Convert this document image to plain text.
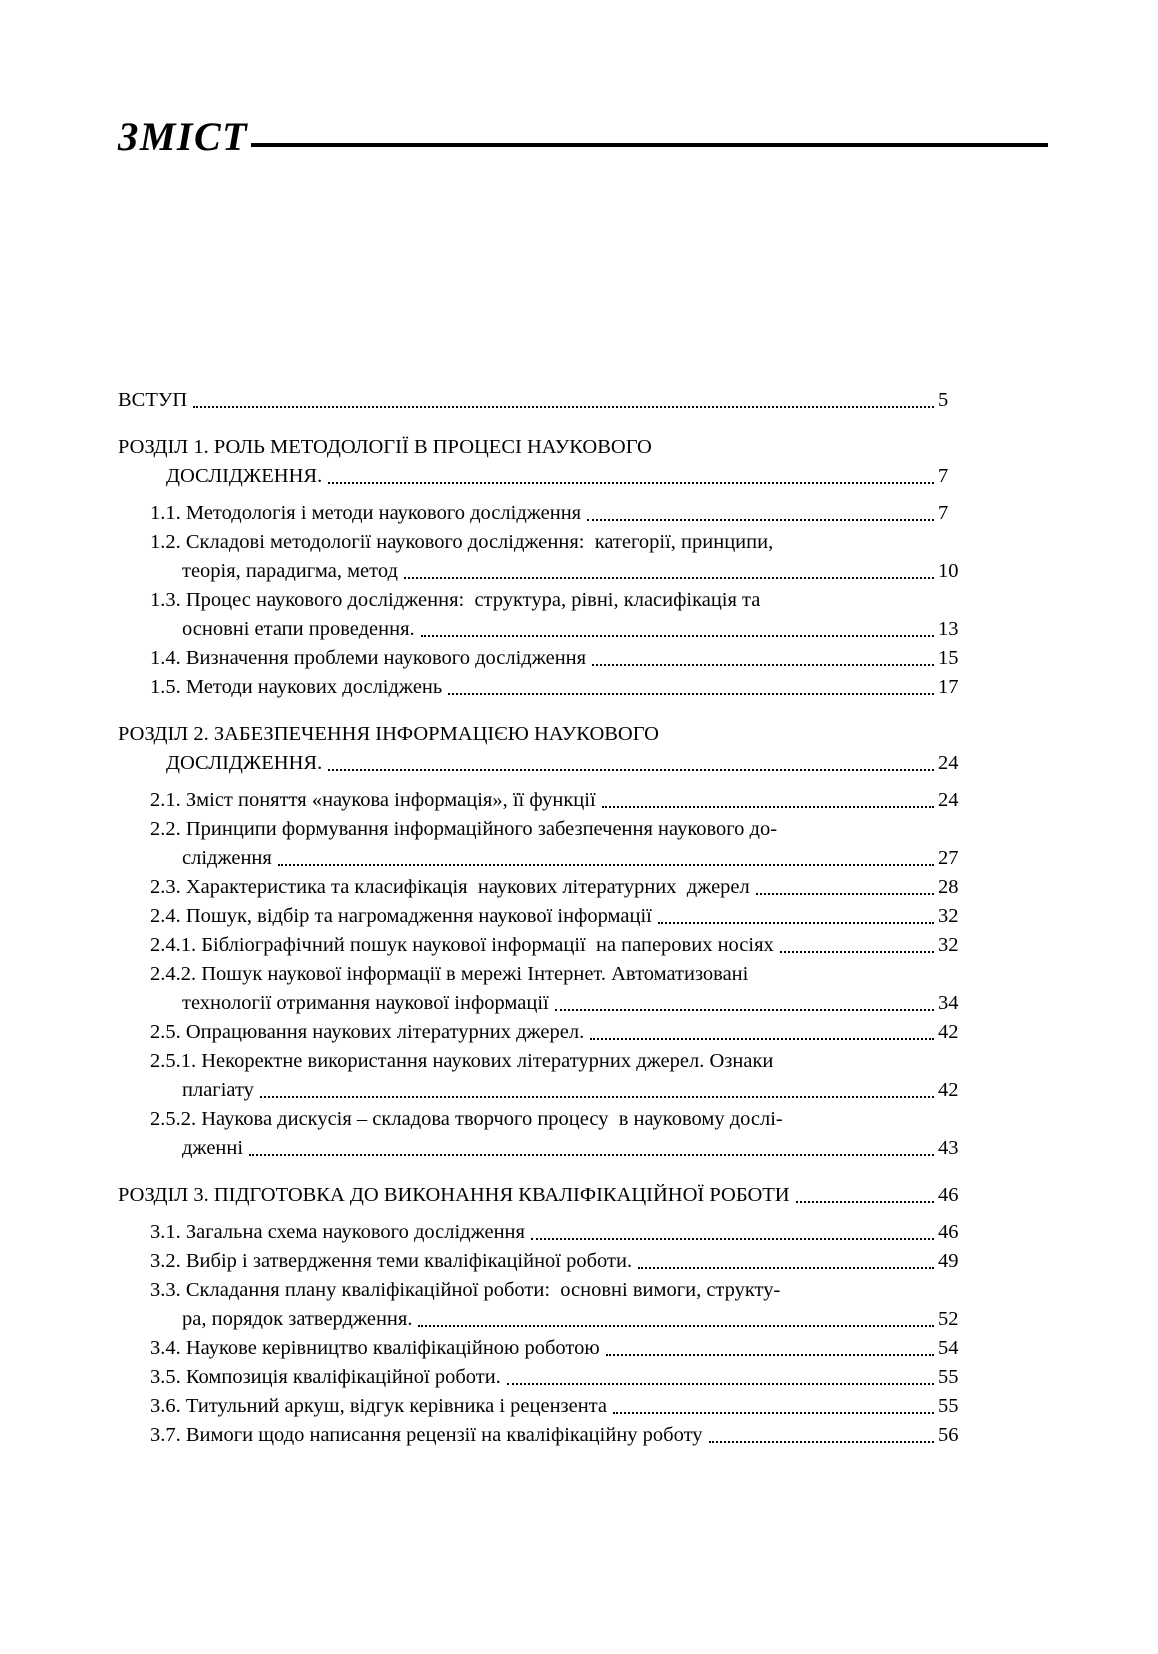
ЗМІСТ
ВСТУП	5
РОЗДІЛ 1. РОЛЬ МЕТОДОЛОГІЇ В ПРОЦЕСІ НАУКОВОГО
ДОСЛІДЖЕННЯ.	7
1.1. Методологія і методи наукового дослідження	7
1.2. Складові методології наукового дослідження:  категорії, принципи,
теорія, парадигма, метод	10
1.3. Процес наукового дослідження:  структура, рівні, класифікація та
основні етапи проведення.	13
1.4. Визначення проблеми наукового дослідження	15
1.5. Методи наукових досліджень	17
РОЗДІЛ 2. ЗАБЕЗПЕЧЕННЯ ІНФОРМАЦІЄЮ НАУКОВОГО
ДОСЛІДЖЕННЯ.	24
2.1. Зміст поняття «наукова інформація», її функції	24
2.2. Принципи формування інформаційного забезпечення наукового до-
слідження	27
2.3. Характеристика та класифікація  наукових літературних  джерел	28
2.4. Пошук, відбір та нагромадження наукової інформації	32
2.4.1. Бібліографічний пошук наукової інформації  на паперових носіях	32
2.4.2. Пошук наукової інформації в мережі Інтернет. Автоматизовані
технології отримання наукової інформації	34
2.5. Опрацювання наукових літературних джерел.	42
2.5.1. Некоректне використання наукових літературних джерел. Ознаки
плагіату	42
2.5.2. Наукова дискусія – складова творчого процесу  в науковому дослі-
дженні	43
РОЗДІЛ 3. ПІДГОТОВКА ДО ВИКОНАННЯ КВАЛІФІКАЦІЙНОЇ РОБОТИ	46
3.1. Загальна схема наукового дослідження	46
3.2. Вибір і затвердження теми кваліфікаційної роботи.	49
3.3. Складання плану кваліфікаційної роботи:  основні вимоги, структу-
ра, порядок затвердження.	52
3.4. Наукове керівництво кваліфікаційною роботою	54
3.5. Композиція кваліфікаційної роботи.	55
3.6. Титульний аркуш, відгук керівника і рецензента	55
3.7. Вимоги щодо написання рецензії на кваліфікаційну роботу	56
